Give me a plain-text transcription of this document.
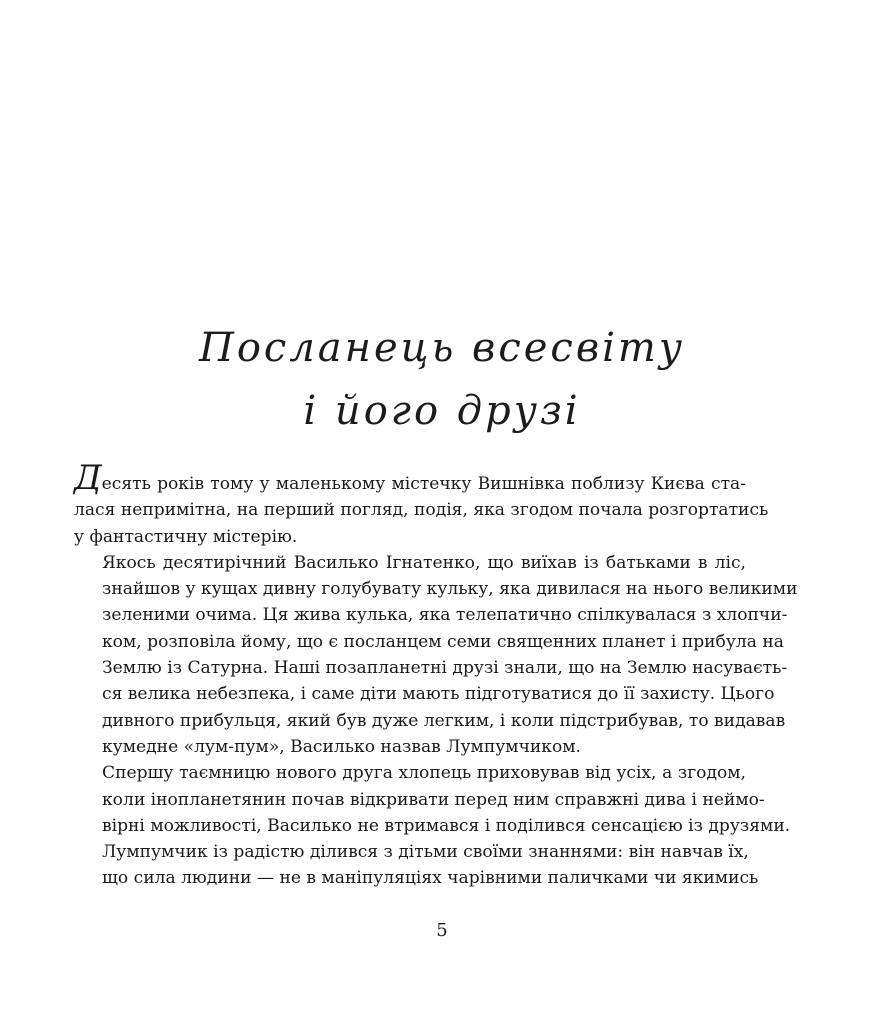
Посланець всесвіту
і його друзі

Десять років тому у маленькому містечку Вишнівка поблизу Києва ста-
лася непримітна, на перший погляд, подія, яка згодом почала розгортатись
у фантастичну містерію.

Якось десятирічний Василько Ігнатенко, що виїхав із батьками в ліс,
знайшов у кущах дивну голубувату кульку, яка дивилася на нього великими
зеленими очима. Ця жива кулька, яка телепатично спілкувалася з хлопчи-
ком, розповіла йому, що є посланцем семи священних планет і прибула на
Землю із Сатурна. Наші позапланетні друзі знали, що на Землю насуваєть-
ся велика небезпека, і саме діти мають підготуватися до її захисту. Цього
дивного прибульця, який був дуже легким, і коли підстрибував, то видавав
кумедне «лум-пум», Василько назвав Лумпумчиком.

Спершу таємницю нового друга хлопець приховував від усіх, а згодом,
коли інопланетянин почав відкривати перед ним справжні дива і неймо-
вірні можливості, Василько не втримався і поділився сенсацією із друзями.

Лумпумчик із радістю ділився з дітьми своїми знаннями: він навчав їх,
що сила людини — не в маніпуляціях чарівними паличками чи якимись

5
